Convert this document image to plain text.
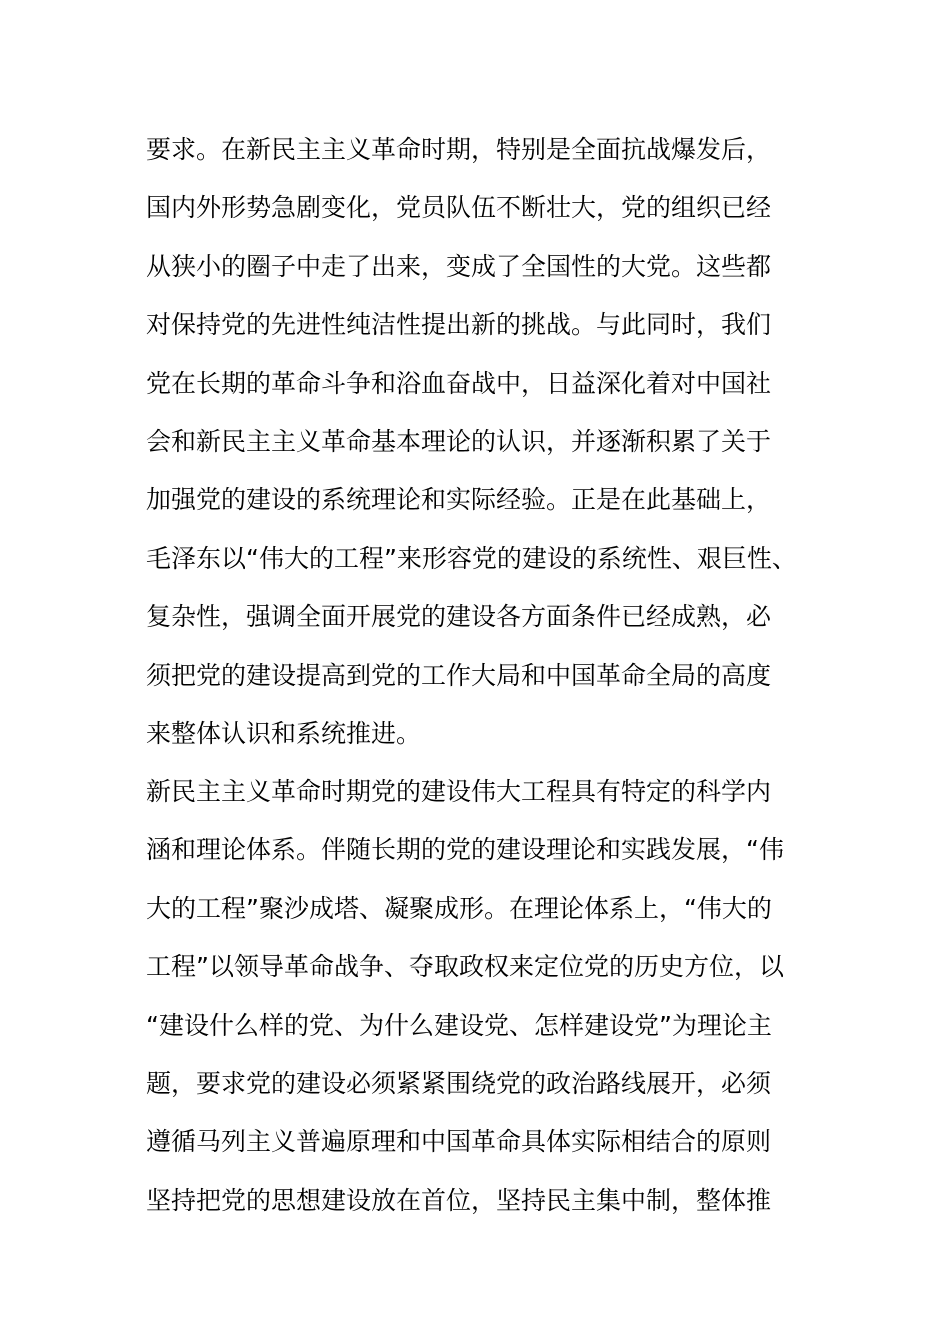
要求。在新民主主义革命时期，特别是全面抗战爆发后，
国内外形势急剧变化，党员队伍不断壮大，党的组织已经
从狭小的圈子中走了出来，变成了全国性的大党。这些都
对保持党的先进性纯洁性提出新的挑战。与此同时，我们
党在长期的革命斗争和浴血奋战中，日益深化着对中国社
会和新民主主义革命基本理论的认识，并逐渐积累了关于
加强党的建设的系统理论和实际经验。正是在此基础上，
毛泽东以“伟大的工程”来形容党的建设的系统性、艰巨性、
复杂性，强调全面开展党的建设各方面条件已经成熟，必
须把党的建设提高到党的工作大局和中国革命全局的高度
来整体认识和系统推进。
新民主主义革命时期党的建设伟大工程具有特定的科学内
涵和理论体系。伴随长期的党的建设理论和实践发展，“伟
大的工程”聚沙成塔、凝聚成形。在理论体系上，“伟大的
工程”以领导革命战争、夺取政权来定位党的历史方位，以
“建设什么样的党、为什么建设党、怎样建设党”为理论主
题，要求党的建设必须紧紧围绕党的政治路线展开，必须
遵循马列主义普遍原理和中国革命具体实际相结合的原则
坚持把党的思想建设放在首位，坚持民主集中制，整体推
